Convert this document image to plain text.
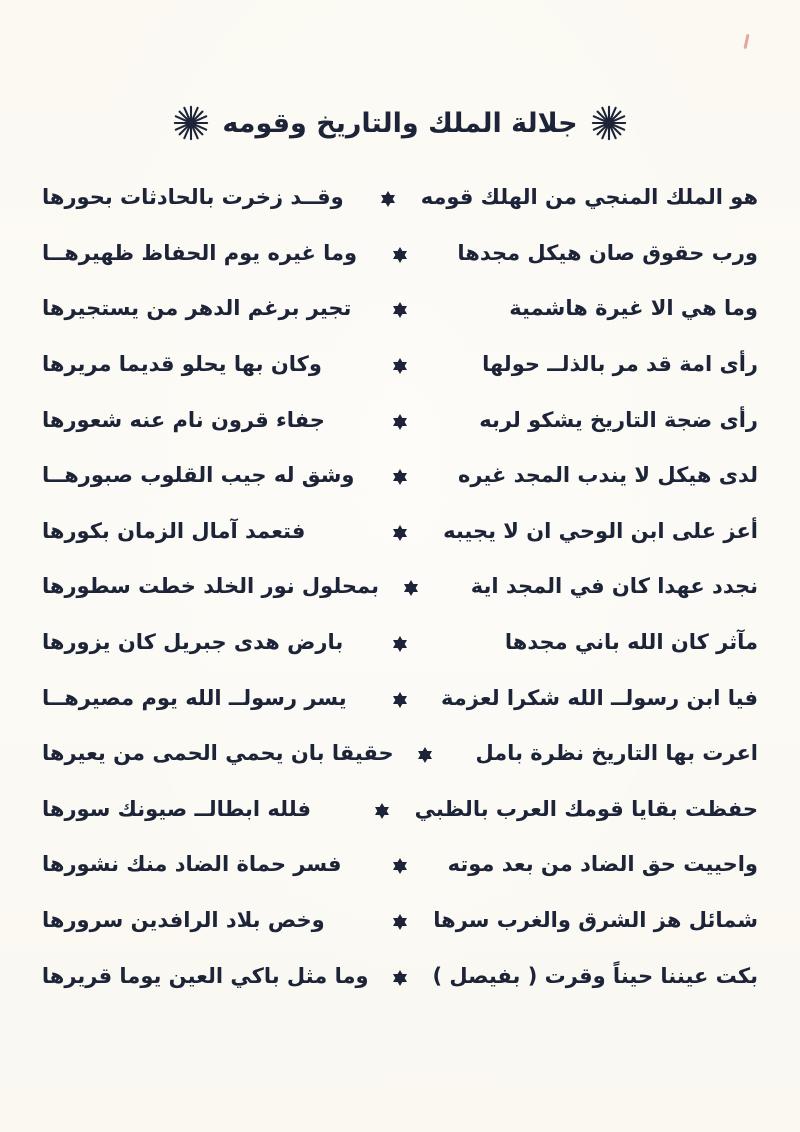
جلالة الملك والتاريخ وقومه
هو الملك المنجي من الهلك قومه
وقــد زخرت بالحادثات بحورها
ورب حقوق صان هيكل مجدها
وما غيره يوم الحفاظ ظهيرهــا
وما هي الا غيرة هاشمية
تجير برغم الدهر من يستجيرها
رأى امة قد مر بالذلــ حولها
وكان بها يحلو قديما مريرها
رأى ضجة التاريخ يشكو لربه
جفاء قرون نام عنه شعورها
لدى هيكل لا يندب المجد غيره
وشق له جيب القلوب صبورهــا
أعز على ابن الوحي ان لا يجيبه
فتعمد آمال الزمان بكورها
نجدد عهدا كان في المجد اية
بمحلول نور الخلد خطت سطورها
مآثر كان الله باني مجدها
بارض هدى جبريل كان يزورها
فيا ابن رسولــ الله شكرا لعزمة
يسر رسولــ الله يوم مصيرهــا
اعرت بها التاريخ نظرة بامل
حقيقا بان يحمي الحمى من يعيرها
حفظت بقايا قومك العرب بالظبي
فلله ابطالــ صيونك سورها
واحييت حق الضاد من بعد موته
فسر حماة الضاد منك نشورها
شمائل هز الشرق والغرب سرها
وخص بلاد الرافدين سرورها
بكت عيننا حيناً وقرت ( بفيصل )
وما مثل باكي العين يوما قريرها
